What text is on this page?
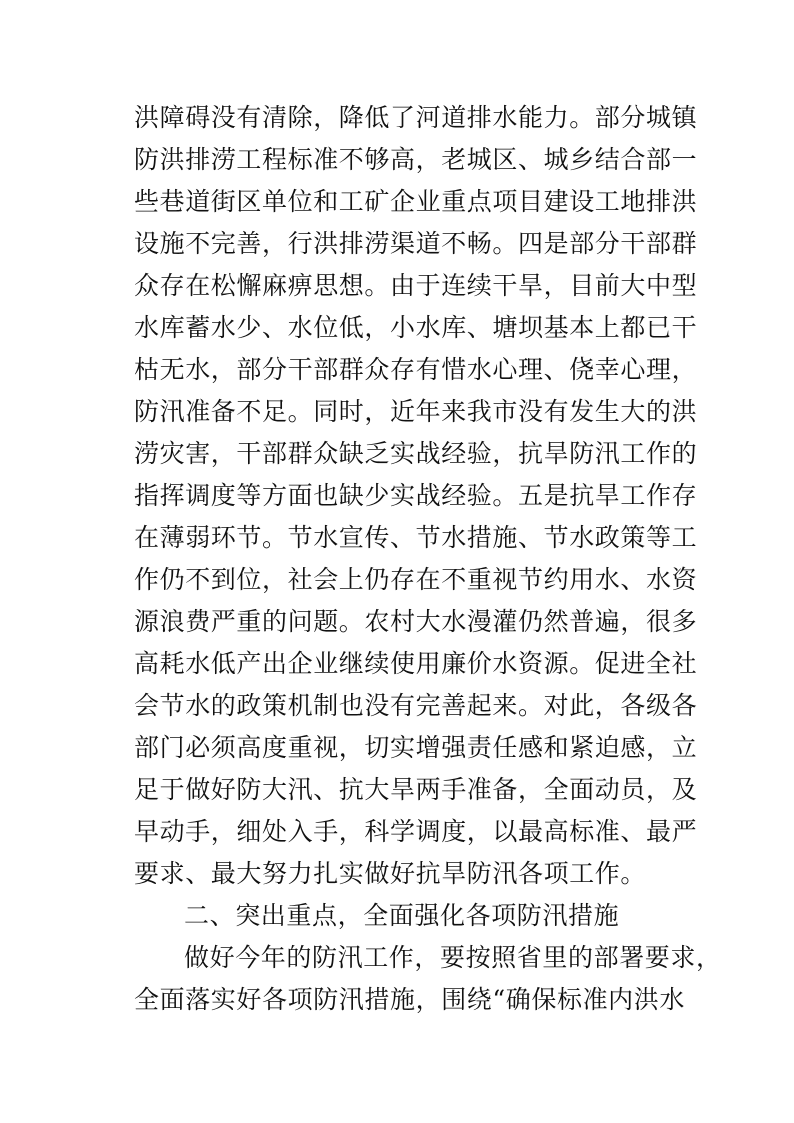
洪障碍没有清除，降低了河道排水能力。部分城镇
防洪排涝工程标准不够高，老城区、城乡结合部一
些巷道街区单位和工矿企业重点项目建设工地排洪
设施不完善，行洪排涝渠道不畅。四是部分干部群
众存在松懈麻痹思想。由于连续干旱，目前大中型
水库蓄水少、水位低，小水库、塘坝基本上都已干
枯无水，部分干部群众存有惜水心理、侥幸心理，
防汛准备不足。同时，近年来我市没有发生大的洪
涝灾害，干部群众缺乏实战经验，抗旱防汛工作的
指挥调度等方面也缺少实战经验。五是抗旱工作存
在薄弱环节。节水宣传、节水措施、节水政策等工
作仍不到位，社会上仍存在不重视节约用水、水资
源浪费严重的问题。农村大水漫灌仍然普遍，很多
高耗水低产出企业继续使用廉价水资源。促进全社
会节水的政策机制也没有完善起来。对此，各级各
部门必须高度重视，切实增强责任感和紧迫感，立
足于做好防大汛、抗大旱两手准备，全面动员，及
早动手，细处入手，科学调度，以最高标准、最严
要求、最大努力扎实做好抗旱防汛各项工作。
二、突出重点，全面强化各项防汛措施
做好今年的防汛工作，要按照省里的部署要求，
全面落实好各项防汛措施，围绕“确保标准内洪水
